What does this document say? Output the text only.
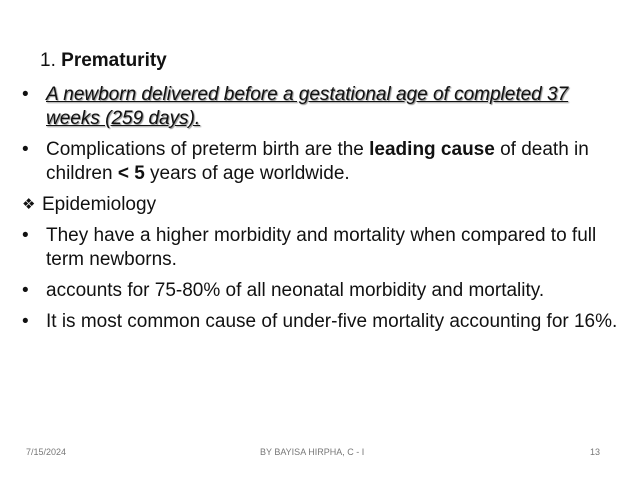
1. Prematurity
• A newborn delivered before a gestational age of completed 37 weeks (259 days).
• Complications of preterm birth are the leading cause of death in children < 5 years of age worldwide.
❖ Epidemiology
• They have a higher morbidity and mortality when compared to full term newborns.
• accounts for 75-80% of all neonatal morbidity and mortality.
• It is most common cause of under-five mortality accounting for 16%.
7/15/2024	BY BAYISA HIRPHA, C - I	13
